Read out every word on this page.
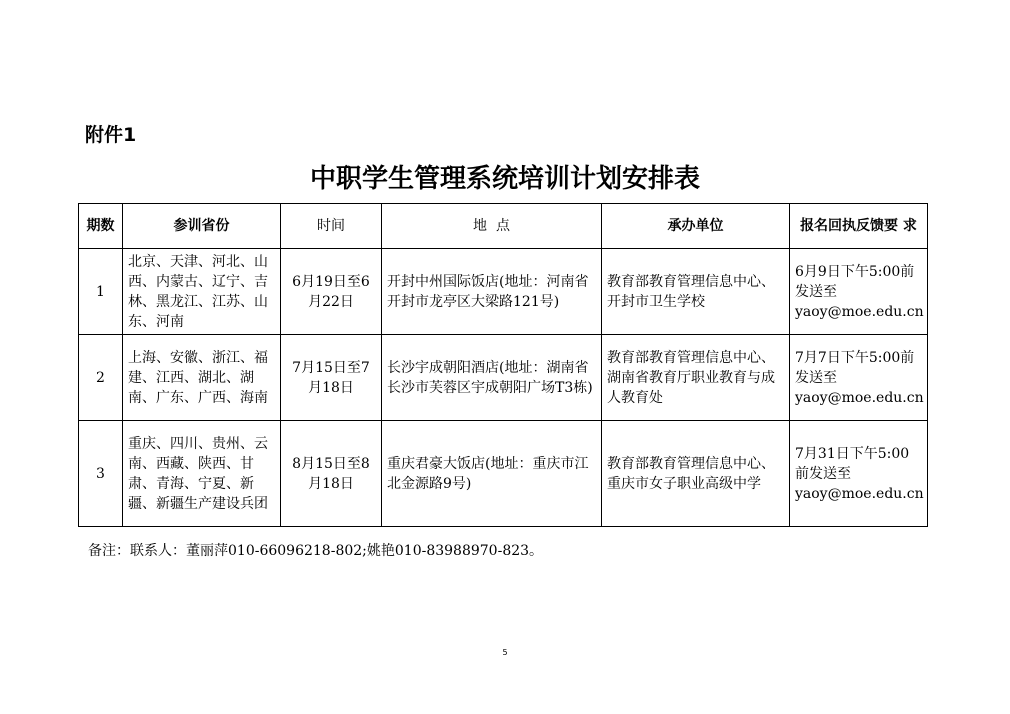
附件1
中职学生管理系统培训计划安排表
期数	参训省份	时间	地  点	承办单位	报名回执反馈要 求
1	北京、天津、河北、山西、内蒙古、辽宁、吉林、黑龙江、江苏、山东、河南	6月19日至6月22日	开封中州国际饭店(地址：河南省开封市龙亭区大梁路121号)	教育部教育管理信息中心、开封市卫生学校	6月9日下午5:00前发送至
yaoy@moe.edu.cn

2	上海、安徽、浙江、福建、江西、湖北、湖南、广东、广西、海南	7月15日至7月18日	长沙宇成朝阳酒店(地址：湖南省长沙市芙蓉区宇成朝阳广场T3栋)	教育部教育管理信息中心、湖南省教育厅职业教育与成人教育处	7月7日下午5:00前发送至
yaoy@moe.edu.cn

3	重庆、四川、贵州、云南、西藏、陕西、甘肃、青海、宁夏、新疆、新疆生产建设兵团	8月15日至8月18日	重庆君豪大饭店(地址：重庆市江北金源路9号)	教育部教育管理信息中心、重庆市女子职业高级中学	7月31日下午5:00前发送至
yaoy@moe.edu.cn
备注：联系人：董丽萍010-66096218-802;姚艳010-83988970-823。
5
